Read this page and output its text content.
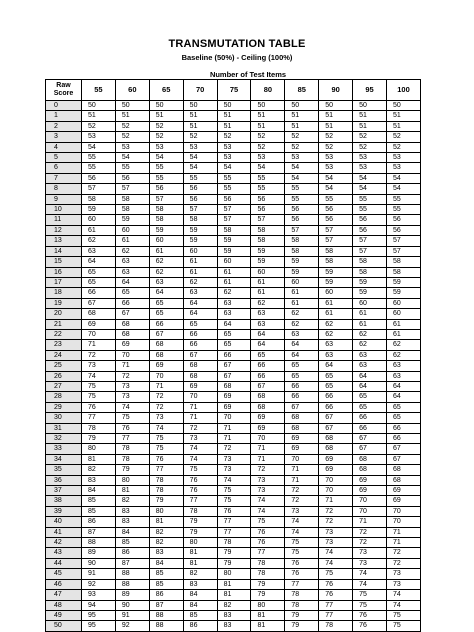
TRANSMUTATION TABLE
Baseline (50%) - Ceiling (100%)
Number of Test Items
Raw
Score	55	60	65	70	75	80	85	90	95	100
0	50	50	50	50	50	50	50	50	50	50
1	51	51	51	51	51	51	51	51	51	51
2	52	52	52	51	51	51	51	51	51	51
3	53	52	52	52	52	52	52	52	52	52
4	54	53	53	53	53	52	52	52	52	52
5	55	54	54	54	53	53	53	53	53	53
6	55	55	55	54	54	54	54	53	53	53
7	56	56	55	55	55	55	54	54	54	54
8	57	57	56	56	55	55	55	54	54	54
9	58	58	57	56	56	56	55	55	55	55
10	59	58	58	57	57	56	56	56	55	55
11	60	59	58	58	57	57	56	56	56	56
12	61	60	59	59	58	58	57	57	56	56
13	62	61	60	59	59	58	58	57	57	57
14	63	62	61	60	59	59	58	58	57	57
15	64	63	62	61	60	59	59	58	58	58
16	65	63	62	61	61	60	59	59	58	58
17	65	64	63	62	61	61	60	59	59	59
18	66	65	64	63	62	61	61	60	59	59
19	67	66	65	64	63	62	61	61	60	60
20	68	67	65	64	63	63	62	61	61	60
21	69	68	66	65	64	63	62	62	61	61
22	70	68	67	66	65	64	63	62	62	61
23	71	69	68	66	65	64	64	63	62	62
24	72	70	68	67	66	65	64	63	63	62
25	73	71	69	68	67	66	65	64	63	63
26	74	72	70	68	67	66	65	65	64	63
27	75	73	71	69	68	67	66	65	64	64
28	75	73	72	70	69	68	66	66	65	64
29	76	74	72	71	69	68	67	66	65	65
30	77	75	73	71	70	69	68	67	66	65
31	78	76	74	72	71	69	68	67	66	66
32	79	77	75	73	71	70	69	68	67	66
33	80	78	75	74	72	71	69	68	67	67
34	81	78	76	74	73	71	70	69	68	67
35	82	79	77	75	73	72	71	69	68	68
36	83	80	78	76	74	73	71	70	69	68
37	84	81	78	76	75	73	72	70	69	69
38	85	82	79	77	75	74	72	71	70	69
39	85	83	80	78	76	74	73	72	70	70
40	86	83	81	79	77	75	74	72	71	70
41	87	84	82	79	77	76	74	73	72	71
42	88	85	82	80	78	76	75	73	72	71
43	89	86	83	81	79	77	75	74	73	72
44	90	87	84	81	79	78	76	74	73	72
45	91	88	85	82	80	78	76	75	74	73
46	92	88	85	83	81	79	77	76	74	73
47	93	89	86	84	81	79	78	76	75	74
48	94	90	87	84	82	80	78	77	75	74
49	95	91	88	85	83	81	79	77	76	75
50	95	92	88	86	83	81	79	78	76	75
